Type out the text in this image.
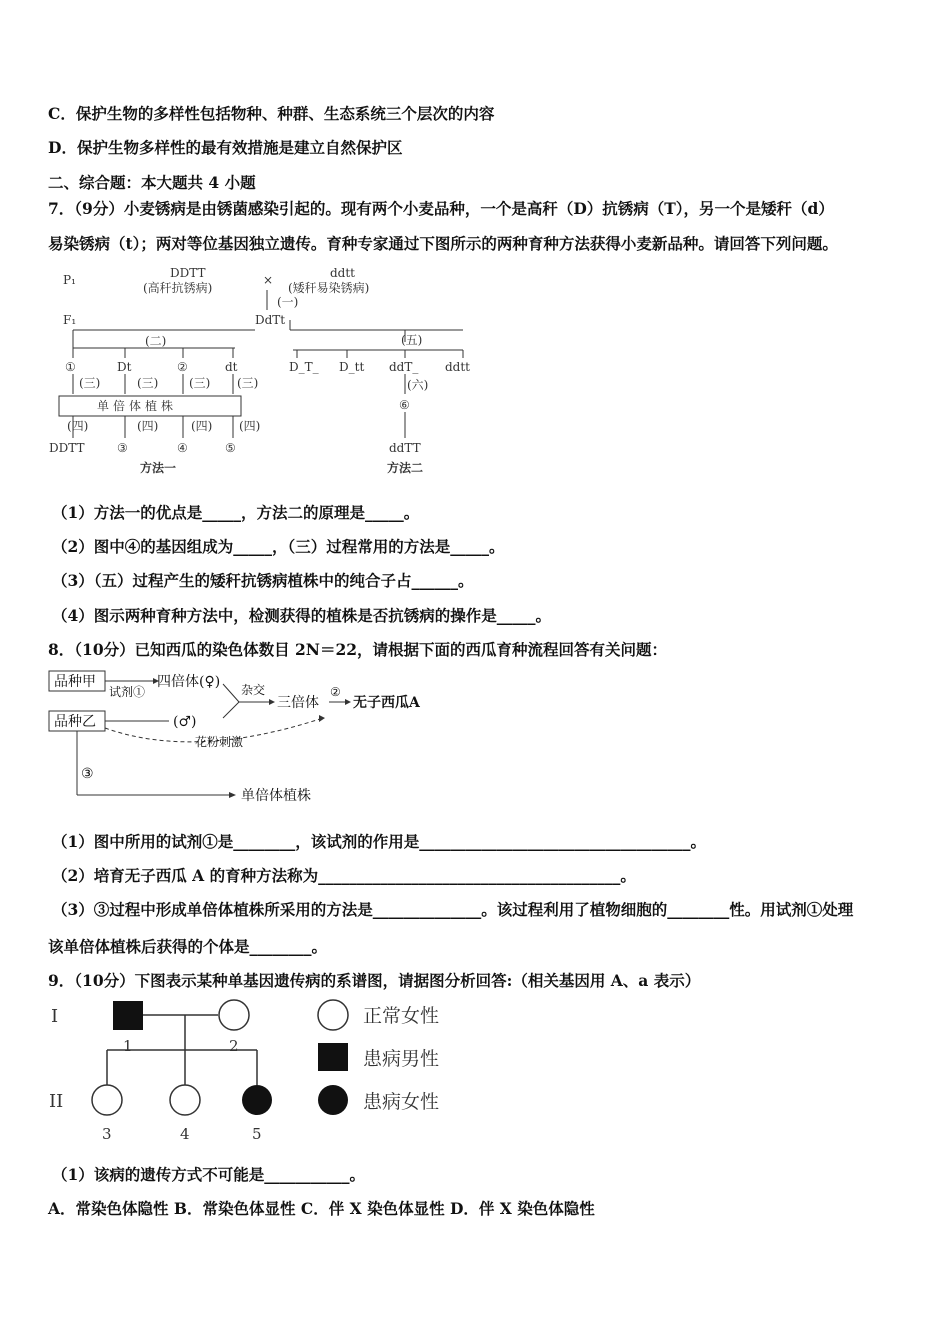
C．保护生物的多样性包括物种、种群、生态系统三个层次的内容
D．保护生物多样性的最有效措施是建立自然保护区
二、综合题：本大题共 4 小题
7．（9分）小麦锈病是由锈菌感染引起的。现有两个小麦品种，一个是高秆（D）抗锈病（T），另一个是矮秆（d）
易染锈病（t）；两对等位基因独立遗传。育种专家通过下图所示的两种育种方法获得小麦新品种。请回答下列问题。
P₁
F₁
DDTT
(高秆抗锈病)
×	ddtt
(矮秆易染锈病)
(一)
DdTt
(二)	(五)
①	Dt	②	dt
(三)	(三)	(三) (三)
单倍体植株
(四)	(四)	(四) (四)
DDTT	③	④	⑤
方法一
D_T_ D_tt ddT_ ddtt
(六)
⑥
ddTT
方法二
（1）方法一的优点是_____，方法二的原理是_____。
（2）图中④的基因组成为_____，（三）过程常用的方法是_____。
（3）（五）过程产生的矮秆抗锈病植株中的纯合子占______。
（4）图示两种育种方法中，检测获得的植株是否抗锈病的操作是_____。
8．（10分）已知西瓜的染色体数目 2N＝22，请根据下面的西瓜育种流程回答有关问题：
品种甲
品种乙
试剂①
四倍体(♀)
(♂)
杂交
三倍体
②
无子西瓜A
花粉刺激
③
单倍体植株
（1）图中所用的试剂①是________，该试剂的作用是___________________________________。
（2）培育无子西瓜 A 的育种方法称为_______________________________________。
（3）③过程中形成单倍体植株所采用的方法是______________。该过程利用了植物细胞的________性。用试剂①处理
该单倍体植株后获得的个体是________。
9．（10分）下图表示某种单基因遗传病的系谱图，请据图分析回答:（相关基因用 A、a 表示）
I
II
1	2
3	4	5
正常女性
患病男性
患病女性
（1）该病的遗传方式不可能是___________。
A．常染色体隐性 B．常染色体显性 C．伴 X 染色体显性 D．伴 X 染色体隐性
